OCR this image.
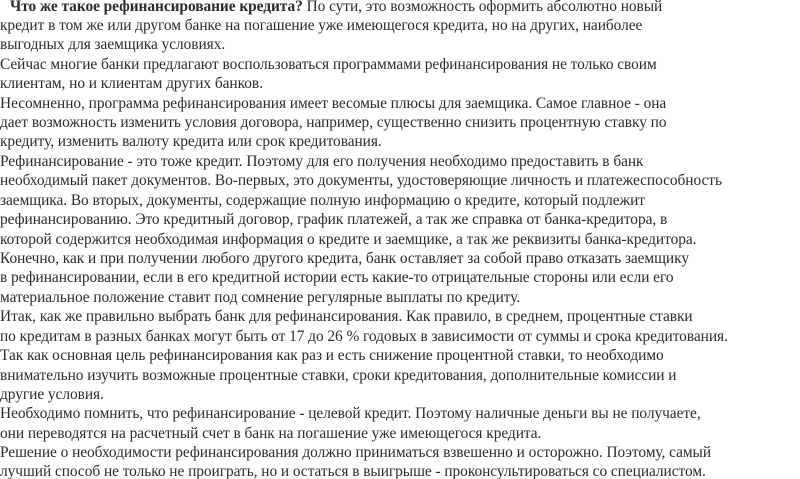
Что же такое рефинансирование кредита? По сути, это возможность оформить абсолютно новый
кредит в том же или другом банке на погашение уже имеющегося кредита, но на других, наиболее
выгодных для заемщика условиях.
Сейчас многие банки предлагают воспользоваться программами рефинансирования не только своим
клиентам, но и клиентам других банков.
Несомненно, программа рефинансирования имеет весомые плюсы для заемщика. Самое главное - она
дает возможность изменить условия договора, например, существенно снизить процентную ставку по
кредиту, изменить валюту кредита или срок кредитования.
Рефинансирование - это тоже кредит. Поэтому для его получения необходимо предоставить в банк
необходимый пакет документов. Во-первых, это документы, удостоверяющие личность и платежеспособность
заемщика. Во вторых, документы, содержащие полную информацию о кредите, который подлежит
рефинансированию. Это кредитный договор, график платежей, а так же справка от банка-кредитора, в
которой содержится необходимая информация о кредите и заемщике, а так же реквизиты банка-кредитора.
Конечно, как и при получении любого другого кредита, банк оставляет за собой право отказать заемщику
в рефинансировании, если в его кредитной истории есть какие-то отрицательные стороны или если его
материальное положение ставит под сомнение регулярные выплаты по кредиту.
Итак, как же правильно выбрать банк для рефинансирования. Как правило, в среднем, процентные ставки
по кредитам в разных банках могут быть от 17 до 26 % годовых в зависимости от суммы и срока кредитования.
Так как основная цель рефинансирования как раз и есть снижение процентной ставки, то необходимо
внимательно изучить возможные процентные ставки, сроки кредитования, дополнительные комиссии и
другие условия.
Необходимо помнить, что рефинансирование - целевой кредит. Поэтому наличные деньги вы не получаете,
они переводятся на расчетный счет в банк на погашение уже имеющегося кредита.
Решение о необходимости рефинансирования должно приниматься взвешенно и осторожно. Поэтому, самый
лучший способ не только не проиграть, но и остаться в выигрыше - проконсультироваться со специалистом.
